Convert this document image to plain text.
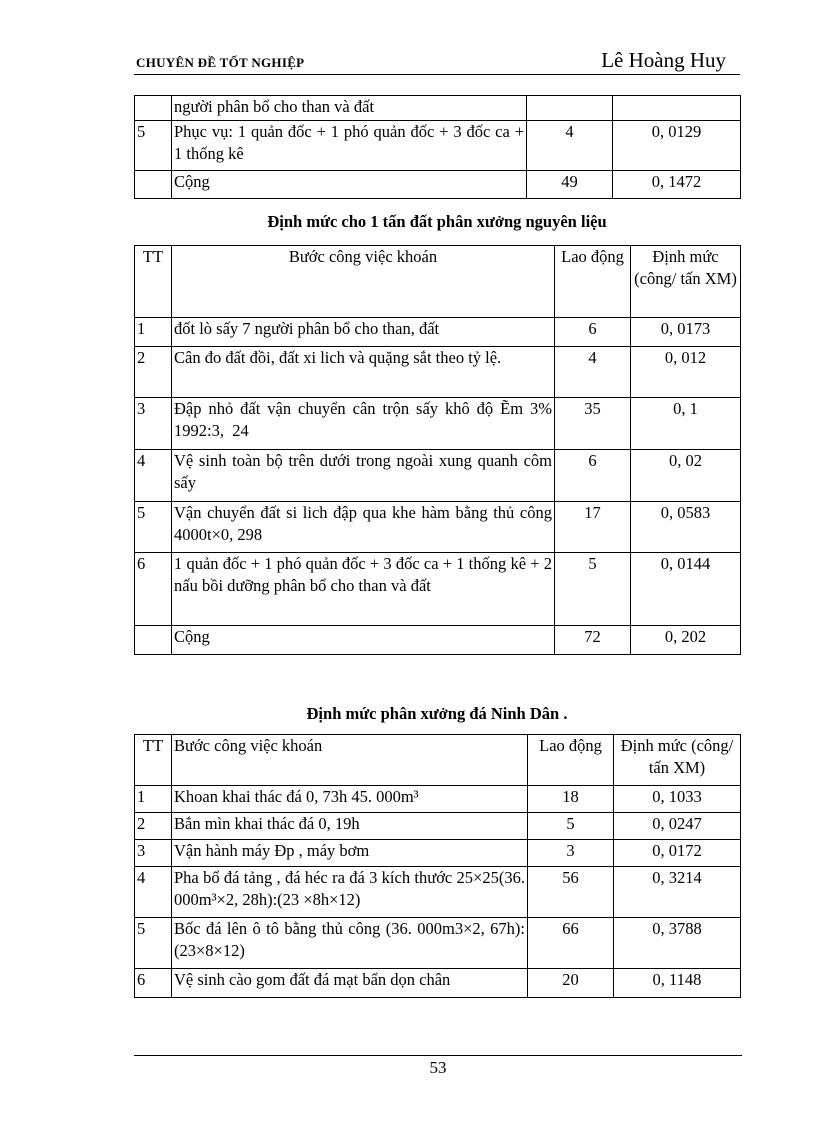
CHUYÊN ĐỀ TỐT NGHIỆP	Lê Hoàng Huy
	người phân bổ cho than và đất		
5	Phục vụ: 1 quản đốc + 1 phó quản đốc + 3 đốc ca + 1 thống kê	4	0, 0129
	Cộng	49	0, 1472
Định mức cho 1 tấn đất phân xưởng nguyên liệu
TT	Bước công việc khoán	Lao động	Định mức (công/ tấn XM)
1	đốt lò sấy 7 người phân bổ cho than, đất	6	0, 0173
2	Cân đo đất đồi, đất xi lich và quặng sắt theo tỷ lệ.	4	0, 012
3	Đập nhỏ đất vận chuyển cân trộn sấy khô độ Ẽm 3%        1992:3,  24	35	0, 1
4	Vệ sinh toàn bộ trên dưới trong ngoài xung quanh côm sấy	6	0, 02
5	Vận chuyển đất si lich đập qua khe hàm bằng thủ công 4000t×0, 298	17	0, 0583
6	1 quản đốc + 1 phó quản đốc + 3 đốc ca + 1 thống kê + 2 nấu bồi dưỡng phân bổ cho than và đất	5	0, 0144
	Cộng	72	0, 202
Định mức phân xưởng đá Ninh Dân .
TT	Bước công việc khoán	Lao động	Định mức (công/ tấn XM)
1	Khoan khai thác đá 0, 73h 45. 000m³	18	0, 1033
2	Bắn mìn khai thác đá 0, 19h	5	0, 0247
3	Vận hành máy Đp , máy bơm	3	0, 0172
4	Pha bổ đá tảng , đá héc ra đá 3 kích thước 25×25(36. 000m³×2, 28h):(23 ×8h×12)	56	0, 3214
5	Bốc đá lên ô tô bằng thủ công (36. 000m3×2, 67h):(23×8×12)	66	0, 3788
6	Vệ sinh cào gom đất đá mạt bẩn dọn chân	20	0, 1148
53
